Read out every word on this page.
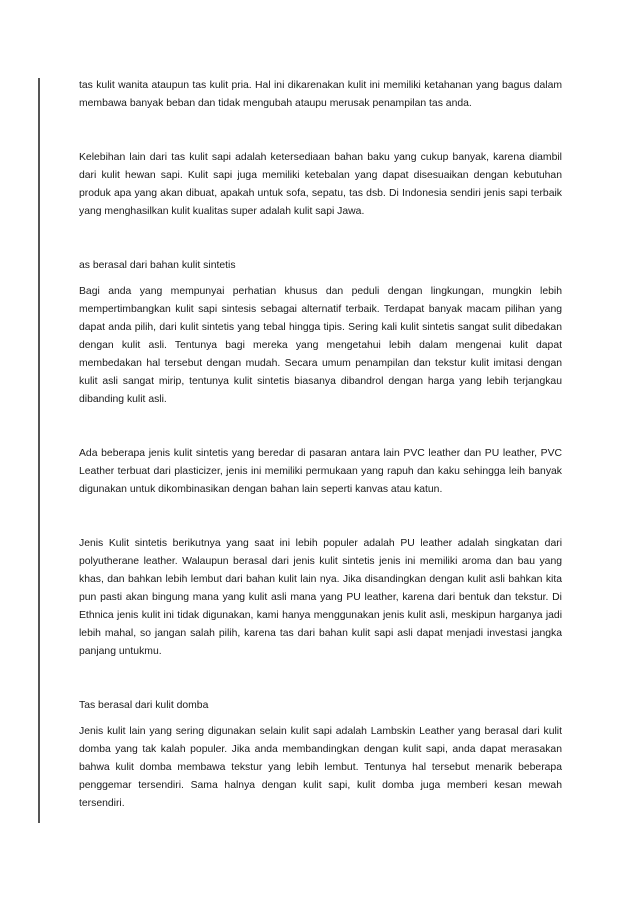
tas kulit wanita ataupun tas kulit pria. Hal ini dikarenakan kulit ini memiliki ketahanan yang bagus dalam membawa banyak beban dan tidak mengubah ataupu merusak penampilan tas anda.

Kelebihan lain dari tas kulit sapi adalah ketersediaan bahan baku yang cukup banyak, karena diambil dari kulit hewan sapi. Kulit sapi juga memiliki ketebalan yang dapat disesuaikan dengan kebutuhan produk apa yang akan dibuat, apakah untuk sofa, sepatu, tas dsb. Di Indonesia sendiri jenis sapi terbaik yang menghasilkan kulit kualitas super adalah kulit sapi Jawa.

as berasal dari bahan kulit sintetis

Bagi anda yang mempunyai perhatian khusus dan peduli dengan lingkungan, mungkin lebih mempertimbangkan kulit sapi sintesis sebagai alternatif terbaik. Terdapat banyak macam pilihan yang dapat anda pilih, dari kulit sintetis yang tebal hingga tipis. Sering kali kulit sintetis sangat sulit dibedakan dengan kulit asli. Tentunya bagi mereka yang mengetahui lebih dalam mengenai kulit dapat membedakan hal tersebut dengan mudah. Secara umum penampilan dan tekstur kulit imitasi dengan kulit asli sangat mirip, tentunya kulit sintetis biasanya dibandrol dengan harga yang lebih terjangkau dibanding kulit asli.

Ada beberapa jenis kulit sintetis yang beredar di pasaran antara lain PVC leather dan PU leather, PVC Leather terbuat dari plasticizer, jenis ini memiliki permukaan yang rapuh dan kaku sehingga leih banyak digunakan untuk dikombinasikan dengan bahan lain seperti kanvas atau katun.

Jenis Kulit sintetis berikutnya yang saat ini lebih populer adalah PU leather adalah singkatan dari polyutherane leather. Walaupun berasal dari jenis kulit sintetis jenis ini memiliki aroma dan bau yang khas, dan bahkan lebih lembut dari bahan kulit lain nya. Jika disandingkan dengan kulit asli bahkan kita pun pasti akan bingung mana yang kulit asli mana yang PU leather, karena dari bentuk dan tekstur. Di Ethnica jenis kulit ini tidak digunakan, kami hanya menggunakan jenis kulit asli, meskipun harganya jadi lebih mahal, so jangan salah pilih, karena tas dari bahan kulit sapi asli dapat menjadi investasi jangka panjang untukmu.

Tas berasal dari kulit domba

Jenis kulit lain yang sering digunakan selain kulit sapi adalah Lambskin Leather yang berasal dari kulit domba yang tak kalah populer. Jika anda membandingkan dengan kulit sapi, anda dapat merasakan bahwa kulit domba membawa tekstur yang lebih lembut. Tentunya hal tersebut menarik beberapa penggemar tersendiri. Sama halnya dengan kulit sapi, kulit domba juga memberi kesan mewah tersendiri.
